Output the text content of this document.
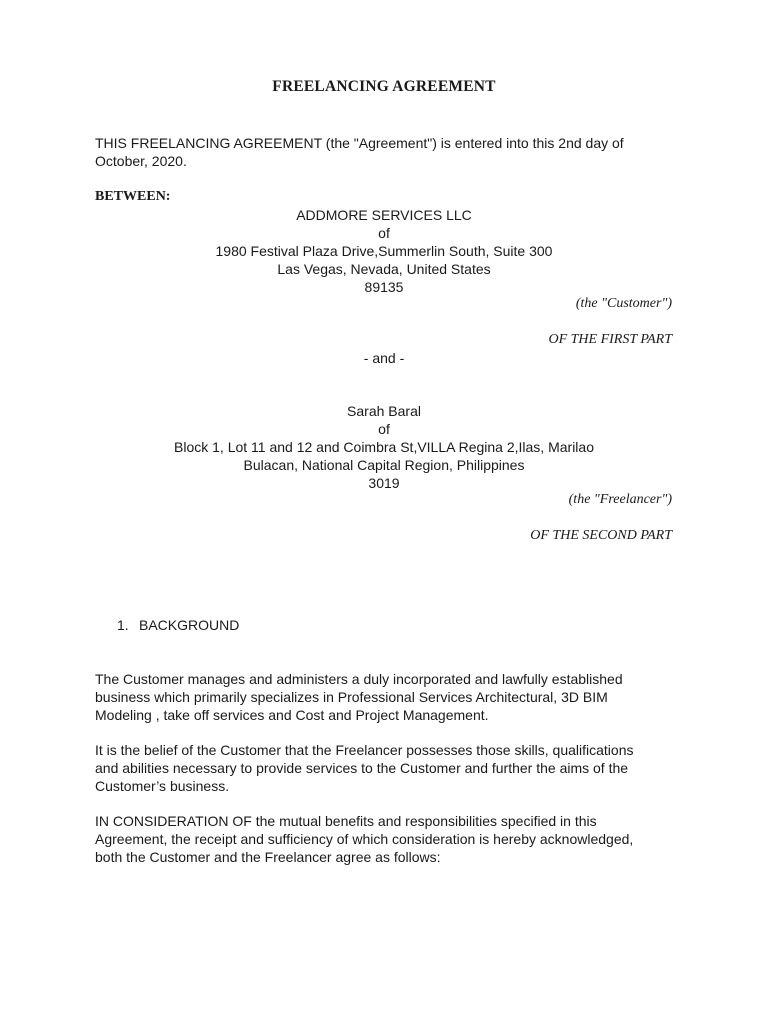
FREELANCING AGREEMENT
THIS FREELANCING AGREEMENT (the "Agreement") is entered into this 2nd day of
October, 2020.
BETWEEN:
ADDMORE SERVICES LLC
of
1980 Festival Plaza Drive,Summerlin South, Suite 300
Las Vegas, Nevada, United States
89135
(the "Customer")
OF THE FIRST PART
- and -
Sarah Baral
of
Block 1, Lot 11 and 12 and Coimbra St,VILLA Regina 2,Ilas, Marilao
Bulacan, National Capital Region, Philippines
3019
(the "Freelancer")
OF THE SECOND PART
1. BACKGROUND
The Customer manages and administers a duly incorporated and lawfully established
business which primarily specializes in Professional Services Architectural, 3D BIM
Modeling , take off services and Cost and Project Management.
It is the belief of the Customer that the Freelancer possesses those skills, qualifications
and abilities necessary to provide services to the Customer and further the aims of the
Customer’s business.
IN CONSIDERATION OF the mutual benefits and responsibilities specified in this
Agreement, the receipt and sufficiency of which consideration is hereby acknowledged,
both the Customer and the Freelancer agree as follows:
